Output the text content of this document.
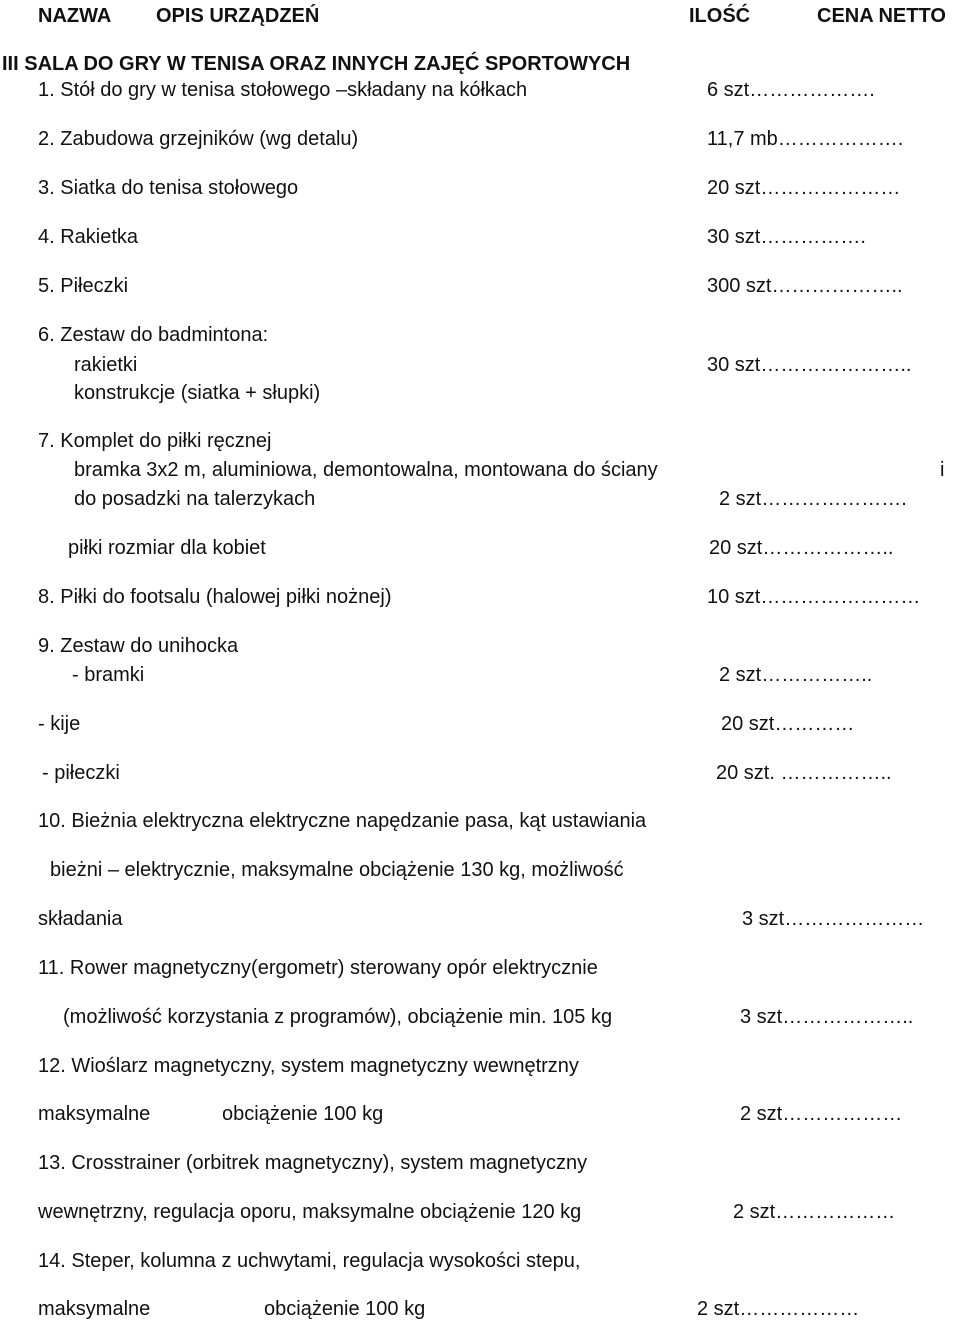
NAZWA OPIS URZĄDZEŃ	ILOŚĆ	CENA NETTO
III SALA DO GRY W TENISA ORAZ INNYCH ZAJĘĆ SPORTOWYCH
1. Stół do gry w tenisa stołowego –składany na kółkach	6 szt……………….
2. Zabudowa grzejników (wg detalu)	11,7 mb……………….
3. Siatka do tenisa stołowego	20 szt…………………
4. Rakietka	30 szt…………….
5. Piłeczki	300 szt………………..
6. Zestaw do badmintona:
rakietki	30 szt…………………..
konstrukcje (siatka + słupki)
7. Komplet do piłki ręcznej
bramka 3x2 m, aluminiowa, demontowalna, montowana do ściany	i
do posadzki na talerzykach	2 szt………………….
piłki rozmiar dla kobiet	20 szt………………..
8. Piłki do footsalu (halowej piłki nożnej)	10 szt……………………
9. Zestaw do unihocka
- bramki	2 szt……………..
- kije	20 szt…………
- piłeczki	20 szt. ……………..
10. Bieżnia elektryczna elektryczne napędzanie pasa, kąt ustawiania
bieżni – elektrycznie, maksymalne obciążenie 130 kg, możliwość
składania	3 szt…………………
11. Rower magnetyczny(ergometr) sterowany opór elektrycznie
(możliwość korzystania z programów), obciążenie min. 105 kg	3 szt………………..
12. Wioślarz magnetyczny, system magnetyczny wewnętrzny
maksymalne	obciążenie 100 kg	2 szt………………
13. Crosstrainer (orbitrek magnetyczny), system magnetyczny
wewnętrzny, regulacja oporu, maksymalne obciążenie 120 kg	2 szt………………
14. Steper, kolumna z uchwytami, regulacja wysokości stepu,
maksymalne	obciążenie 100 kg	2 szt………………
